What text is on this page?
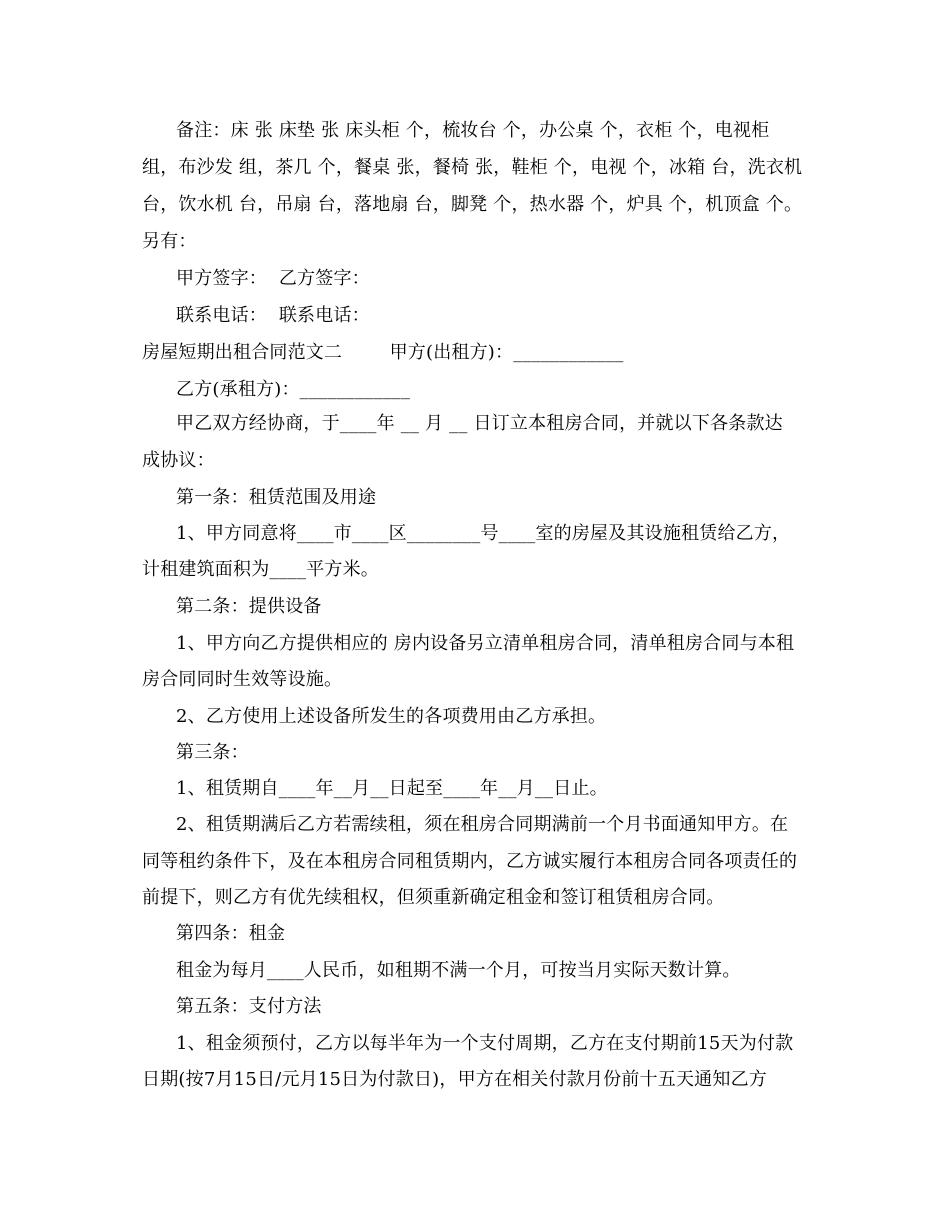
备注：床 张 床垫 张 床头柜 个，梳妆台 个，办公桌 个，衣柜 个，电视柜
组，布沙发 组，茶几 个，餐桌 张，餐椅 张，鞋柜 个，电视 个，冰箱 台，洗衣机
台，饮水机 台，吊扇 台，落地扇 台，脚凳 个，热水器 个，炉具 个，机顶盒 个。
另有：
甲方签字：  乙方签字：
联系电话：  联系电话：
房屋短期出租合同范文二        甲方(出租方)：____________
乙方(承租方)：____________
甲乙双方经协商，于____年 __ 月 __ 日订立本租房合同，并就以下各条款达
成协议：
第一条：租赁范围及用途
1、甲方同意将____市____区________号____室的房屋及其设施租赁给乙方，
计租建筑面积为____平方米。
第二条：提供设备
1、甲方向乙方提供相应的 房内设备另立清单租房合同，清单租房合同与本租
房合同同时生效等设施。
2、乙方使用上述设备所发生的各项费用由乙方承担。
第三条：
1、租赁期自____年__月__日起至____年__月__日止。
2、租赁期满后乙方若需续租，须在租房合同期满前一个月书面通知甲方。在
同等租约条件下，及在本租房合同租赁期内，乙方诚实履行本租房合同各项责任的
前提下，则乙方有优先续租权，但须重新确定租金和签订租赁租房合同。
第四条：租金
租金为每月____人民币，如租期不满一个月，可按当月实际天数计算。
第五条：支付方法
1、租金须预付，乙方以每半年为一个支付周期，乙方在支付期前15天为付款
日期(按7月15日/元月15日为付款日)，甲方在相关付款月份前十五天通知乙方
